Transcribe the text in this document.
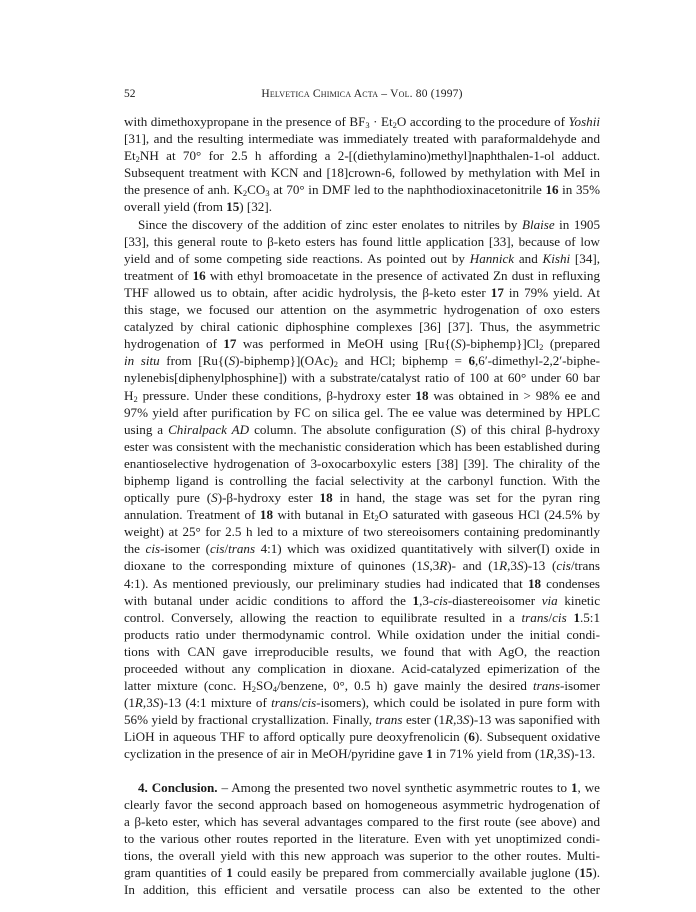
52	Helvetica Chimica Acta – Vol. 80 (1997)

with dimethoxypropane in the presence of $BF_3 \cdot Et_2O$ according to the procedure of Yoshii
[31], and the resulting intermediate was immediately treated with paraformaldehyde and
$Et_2NH$ at 70° for 2.5 h affording a 2-[(diethylamino)methyl]naphthalen-1-ol adduct.
Subsequent treatment with KCN and [18]crown-6, followed by methylation with MeI in
the presence of anh. $K_2CO_3$ at 70° in DMF led to the naphthodioxinacetonitrile 16 in 35%
overall yield (from 15) [32].

Since the discovery of the addition of zinc ester enolates to nitriles by Blaise in 1905
[33], this general route to β-keto esters has found little application [33], because of low
yield and of some competing side reactions. As pointed out by Hannick and Kishi [34],
treatment of 16 with ethyl bromoacetate in the presence of activated Zn dust in refluxing
THF allowed us to obtain, after acidic hydrolysis, the β-keto ester 17 in 79% yield. At
this stage, we focused our attention on the asymmetric hydrogenation of oxo esters
catalyzed by chiral cationic diphosphine complexes [36] [37]. Thus, the asymmetric
hydrogenation of 17 was performed in MeOH using $[Ru\{(S)-biphemp\}]Cl_2$ (prepared
in situ from $[Ru\{(S)-biphemp\}](OAc)_2$ and HCl; biphemp = 6,6′-dimethyl-2,2′-biphe-
nylenebis[diphenylphosphine]) with a substrate/catalyst ratio of 100 at 60° under 60 bar
$H_2$ pressure. Under these conditions, β-hydroxy ester 18 was obtained in > 98% ee and
97% yield after purification by FC on silica gel. The ee value was determined by HPLC
using a Chiralpack AD column. The absolute configuration (S) of this chiral β-hydroxy
ester was consistent with the mechanistic consideration which has been established during
enantioselective hydrogenation of 3-oxocarboxylic esters [38] [39]. The chirality of the
biphemp ligand is controlling the facial selectivity at the carbonyl function. With the
optically pure (S)-β-hydroxy ester 18 in hand, the stage was set for the pyran ring
annulation. Treatment of 18 with butanal in $Et_2O$ saturated with gaseous HCl (24.5% by
weight) at 25° for 2.5 h led to a mixture of two stereoisomers containing predominantly
the cis-isomer (cis/trans 4:1) which was oxidized quantitatively with silver(I) oxide in
dioxane to the corresponding mixture of quinones (1S,3R)- and (1R,3S)-13 (cis/trans
4:1). As mentioned previously, our preliminary studies had indicated that 18 condenses
with butanal under acidic conditions to afford the 1,3-cis-diastereoisomer via kinetic
control. Conversely, allowing the reaction to equilibrate resulted in a trans/cis 1.5:1
products ratio under thermodynamic control. While oxidation under the initial condi-
tions with CAN gave irreproducible results, we found that with AgO, the reaction
proceeded without any complication in dioxane. Acid-catalyzed epimerization of the
latter mixture (conc. $H_2SO_4$/benzene, 0°, 0.5 h) gave mainly the desired trans-isomer
(1R,3S)-13 (4:1 mixture of trans/cis-isomers), which could be isolated in pure form with
56% yield by fractional crystallization. Finally, trans ester (1R,3S)-13 was saponified with
LiOH in aqueous THF to afford optically pure deoxyfrenolicin (6). Subsequent oxidative
cyclization in the presence of air in MeOH/pyridine gave 1 in 71% yield from (1R,3S)-13.

4. Conclusion. – Among the presented two novel synthetic asymmetric routes to 1, we
clearly favor the second approach based on homogeneous asymmetric hydrogenation of
a β-keto ester, which has several advantages compared to the first route (see above) and
to the various other routes reported in the literature. Even with yet unoptimized condi-
tions, the overall yield with this new approach was superior to the other routes. Multi-
gram quantities of 1 could easily be prepared from commercially available juglone (15).
In addition, this efficient and versatile process can also be extented to the other
